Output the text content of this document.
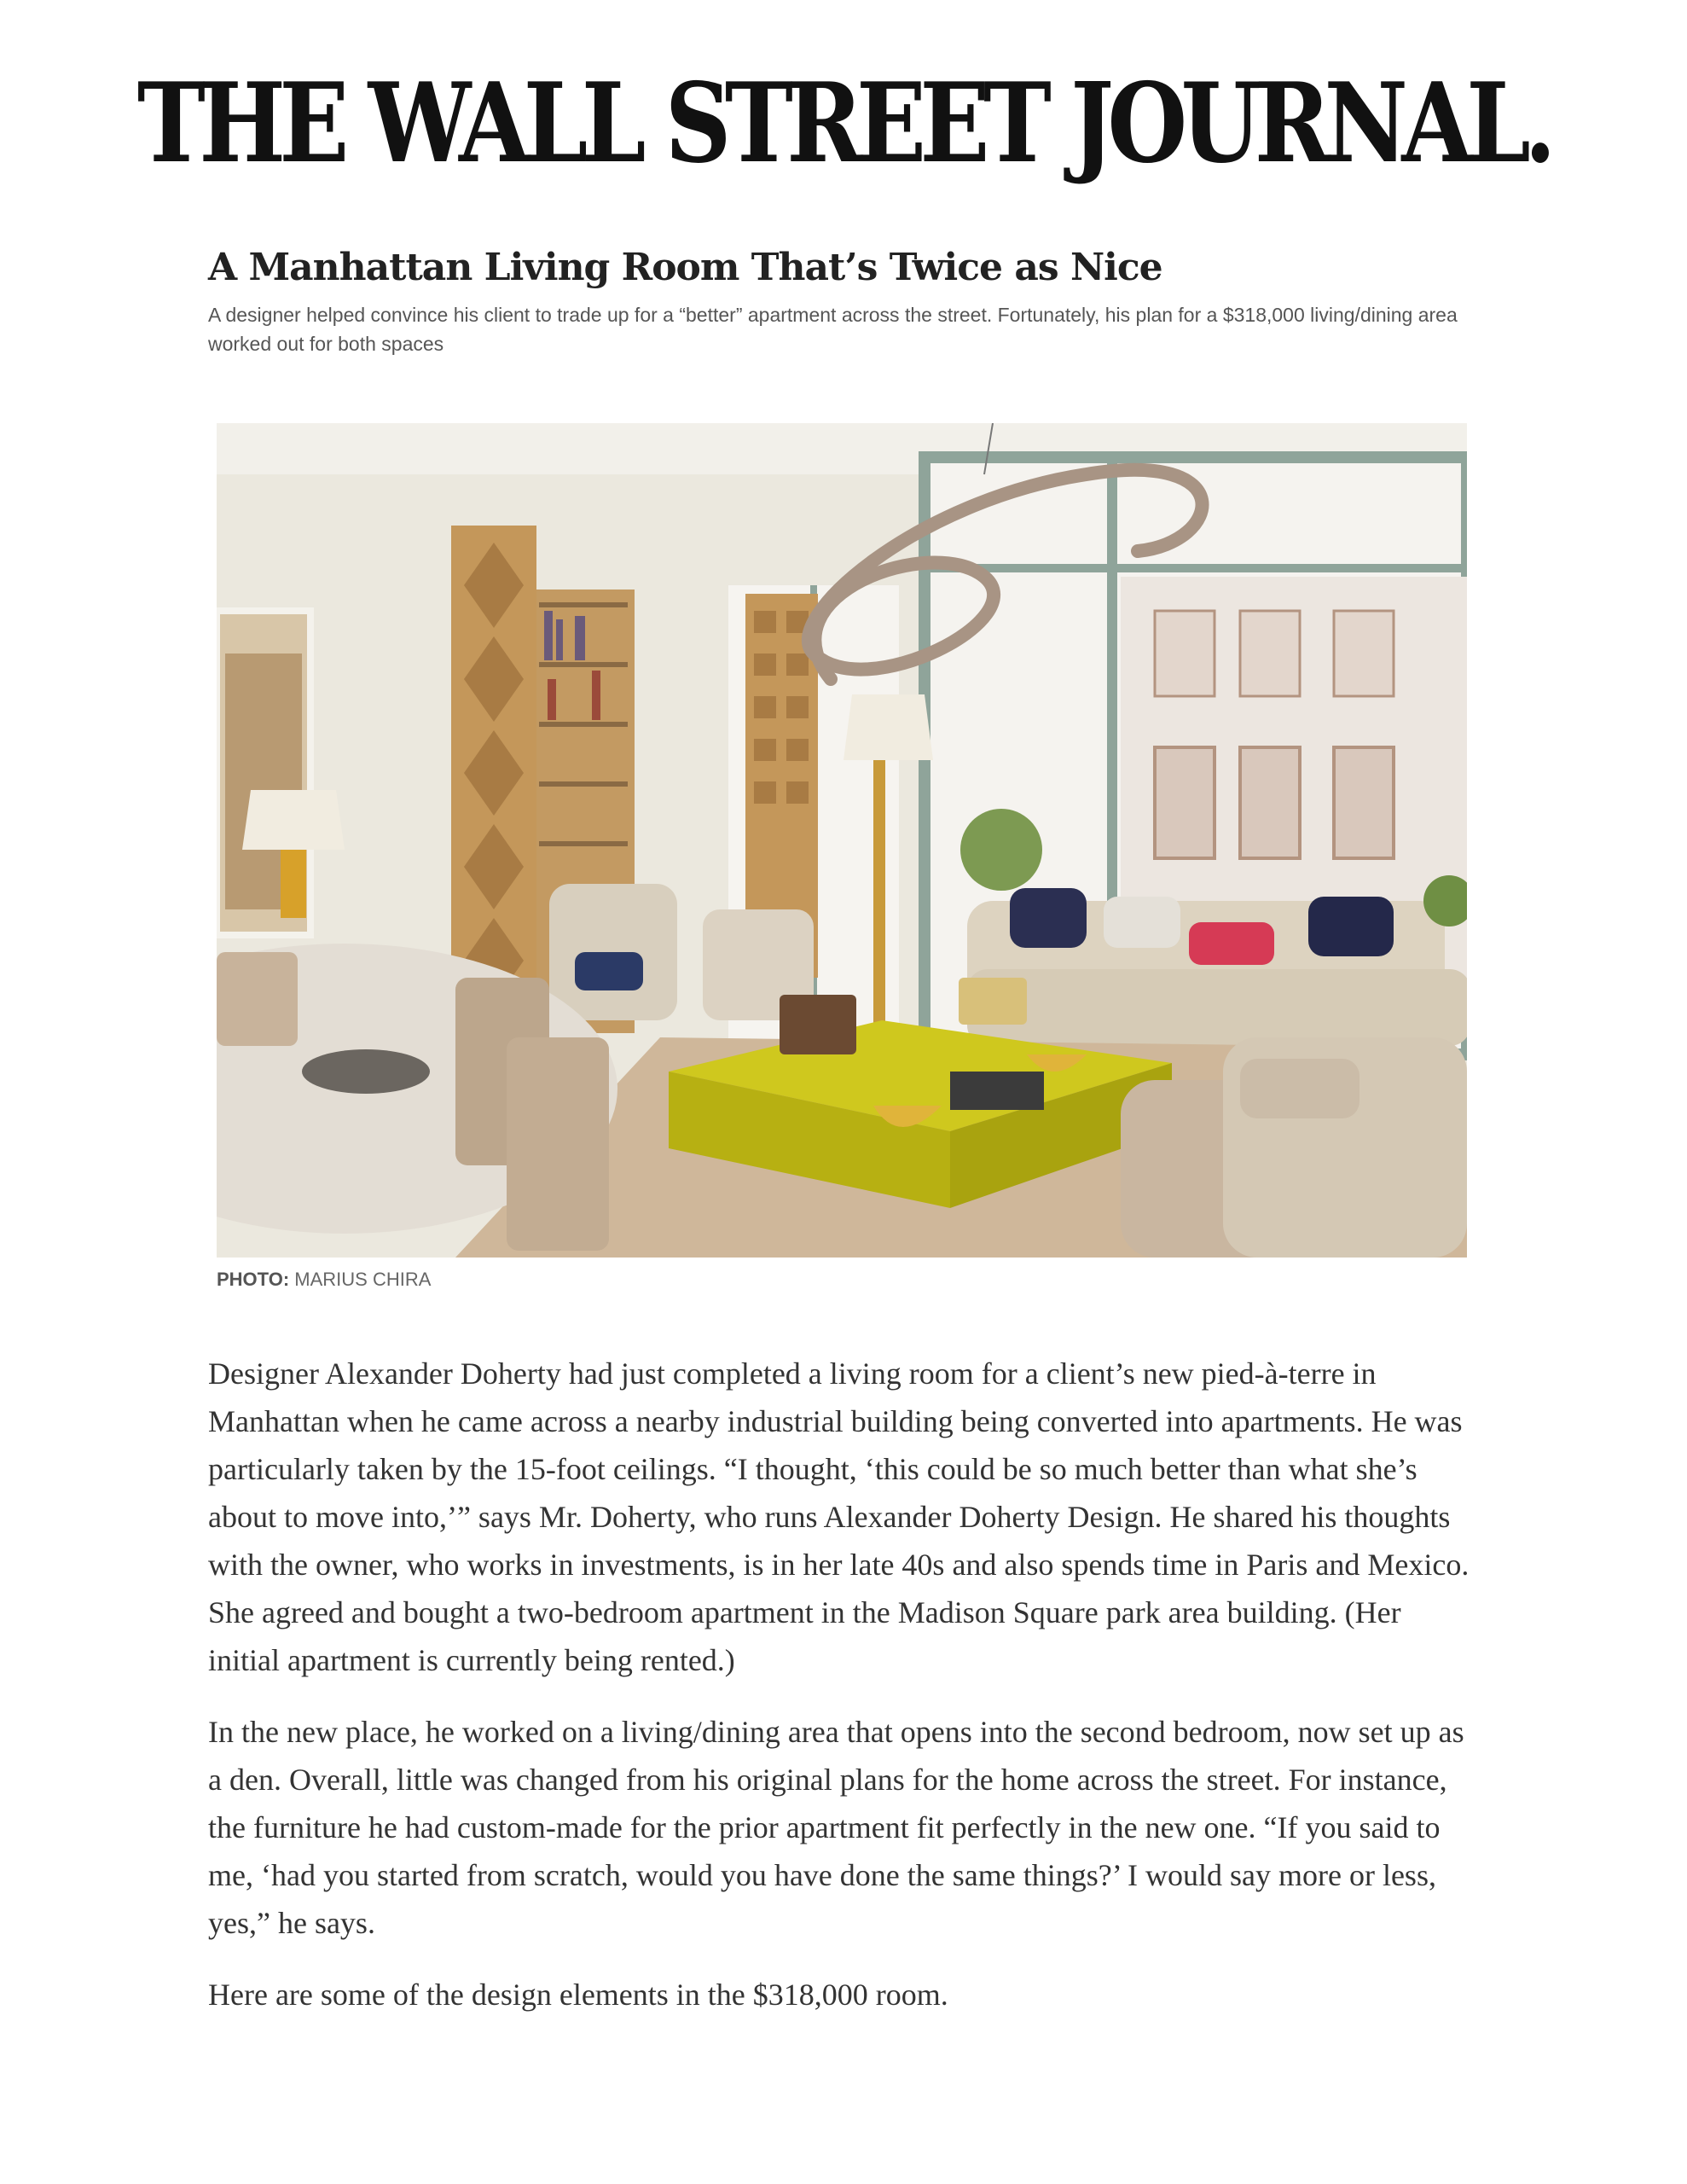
THE WALL STREET JOURNAL.
A Manhattan Living Room That’s Twice as Nice
A designer helped convince his client to trade up for a “better” apartment across the street. Fortunately, his plan for a $318,000 living/dining area worked out for both spaces
PHOTO: MARIUS CHIRA

Designer Alexander Doherty had just completed a living room for a client’s new pied-à-terre in Manhattan when he came across a nearby industrial building being converted into apartments. He was particularly taken by the 15-foot ceilings. “I thought, ‘this could be so much better than what she’s about to move into,’” says Mr. Doherty, who runs Alexander Doherty Design. He shared his thoughts with the owner, who works in investments, is in her late 40s and also spends time in Paris and Mexico. She agreed and bought a two-bedroom apartment in the Madison Square park area building. (Her initial apartment is currently being rented.)

In the new place, he worked on a living/dining area that opens into the second bedroom, now set up as a den. Overall, little was changed from his original plans for the home across the street. For instance, the furniture he had custom-made for the prior apartment fit perfectly in the new one. “If you said to me, ‘had you started from scratch, would you have done the same things?’ I would say more or less, yes,” he says.

Here are some of the design elements in the $318,000 room.
